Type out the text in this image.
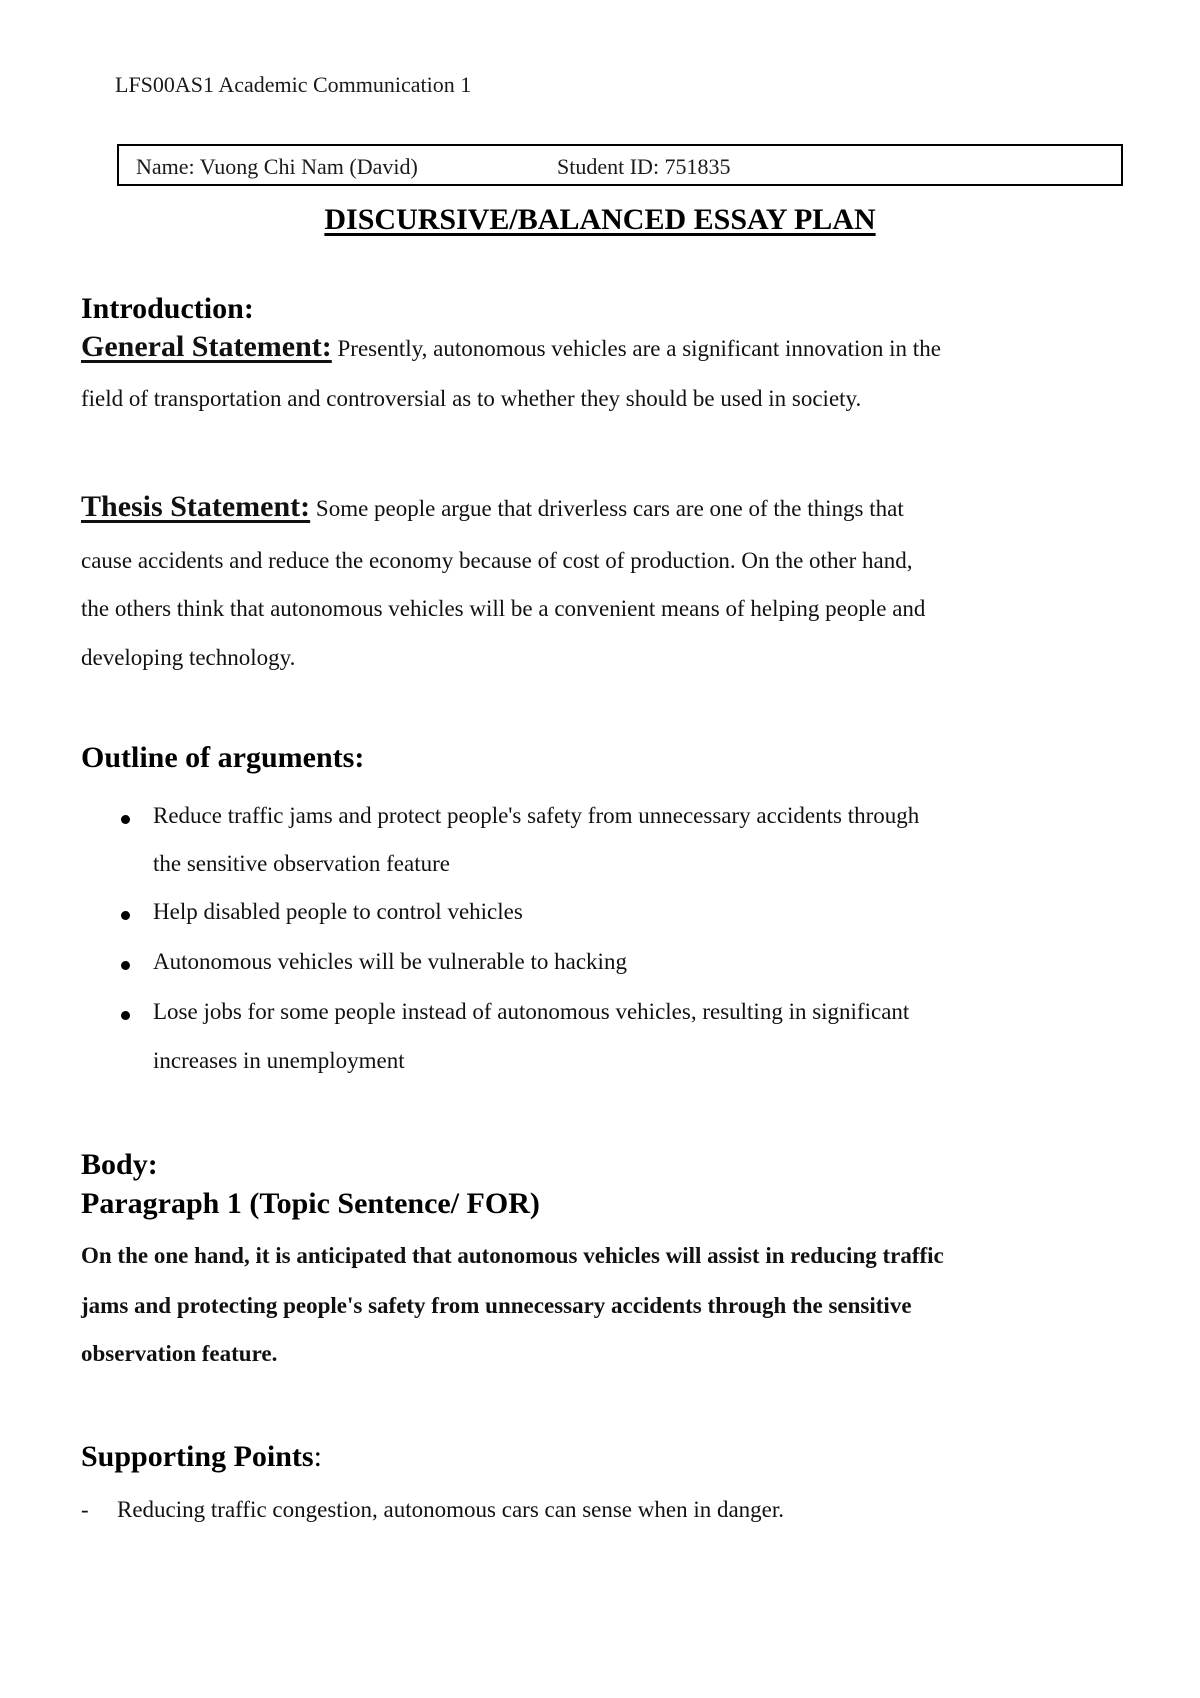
LFS00AS1 Academic Communication 1
Name: Vuong Chi Nam (David)	Student ID: 751835
DISCURSIVE/BALANCED ESSAY PLAN
Introduction:
General Statement: Presently, autonomous vehicles are a significant innovation in the
field of transportation and controversial as to whether they should be used in society.
Thesis Statement: Some people argue that driverless cars are one of the things that
cause accidents and reduce the economy because of cost of production. On the other hand,
the others think that autonomous vehicles will be a convenient means of helping people and
developing technology.
Outline of arguments:
Reduce traffic jams and protect people's safety from unnecessary accidents through
the sensitive observation feature
Help disabled people to control vehicles
Autonomous vehicles will be vulnerable to hacking
Lose jobs for some people instead of autonomous vehicles, resulting in significant
increases in unemployment
Body:
Paragraph 1 (Topic Sentence/ FOR)
On the one hand, it is anticipated that autonomous vehicles will assist in reducing traffic
jams and protecting people's safety from unnecessary accidents through the sensitive
observation feature.
Supporting Points:
- Reducing traffic congestion, autonomous cars can sense when in danger.
